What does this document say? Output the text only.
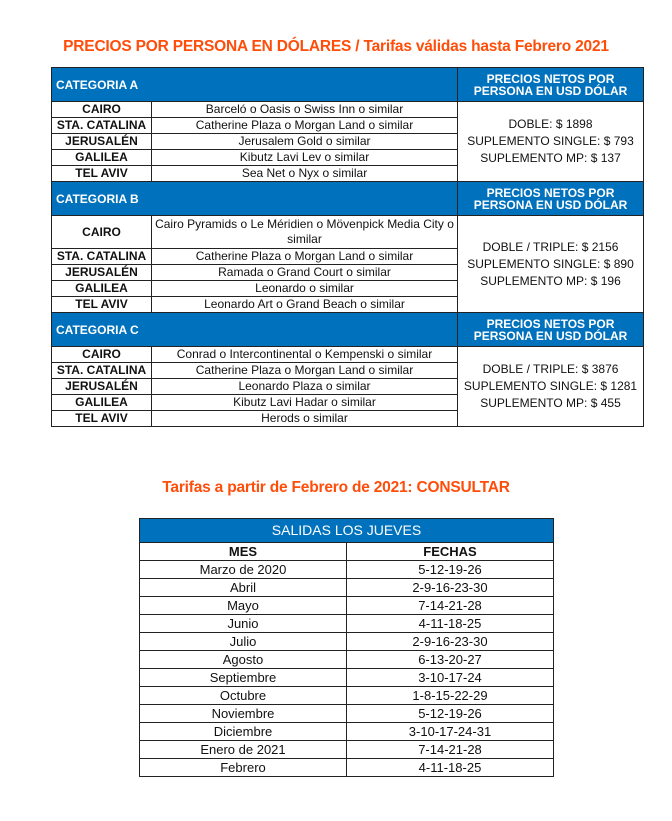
PRECIOS POR PERSONA EN DÓLARES / Tarifas válidas hasta Febrero 2021
CATEGORIA A		PRECIOS NETOS POR PERSONA EN USD DÓLAR
CAIRO	Barceló o Oasis o Swiss Inn o similar	DOBLE: $ 1898
SUPLEMENTO SINGLE: $ 793
SUPLEMENTO MP: $ 137

STA. CATALINA	Catherine Plaza o Morgan Land o similar	
JERUSALÉN	Jerusalem Gold o similar	
GALILEA	Kibutz Lavi Lev o similar	
TEL AVIV	Sea Net o Nyx o similar	
CATEGORIA B		PRECIOS NETOS POR PERSONA EN USD DÓLAR
CAIRO	Cairo Pyramids o Le Méridien o Mövenpick Media City o similar	DOBLE / TRIPLE: $ 2156
SUPLEMENTO SINGLE: $ 890
SUPLEMENTO MP: $ 196

STA. CATALINA	Catherine Plaza o Morgan Land o similar	
JERUSALÉN	Ramada o Grand Court o similar	
GALILEA	Leonardo o similar	
TEL AVIV	Leonardo Art o Grand Beach o similar	
CATEGORIA C		PRECIOS NETOS POR PERSONA EN USD DÓLAR
CAIRO	Conrad o Intercontinental o Kempenski o similar	DOBLE / TRIPLE: $ 3876
SUPLEMENTO SINGLE: $ 1281
SUPLEMENTO MP: $ 455

STA. CATALINA	Catherine Plaza o Morgan Land o similar	
JERUSALÉN	Leonardo Plaza o similar	
GALILEA	Kibutz Lavi Hadar o similar	
TEL AVIV	Herods o similar	
Tarifas a partir de Febrero de 2021: CONSULTAR
SALIDAS LOS JUEVES	
MES	FECHAS
Marzo de 2020	5-12-19-26
Abril	2-9-16-23-30
Mayo	7-14-21-28
Junio	4-11-18-25
Julio	2-9-16-23-30
Agosto	6-13-20-27
Septiembre	3-10-17-24
Octubre	1-8-15-22-29
Noviembre	5-12-19-26
Diciembre	3-10-17-24-31
Enero de 2021	7-14-21-28
Febrero	4-11-18-25
